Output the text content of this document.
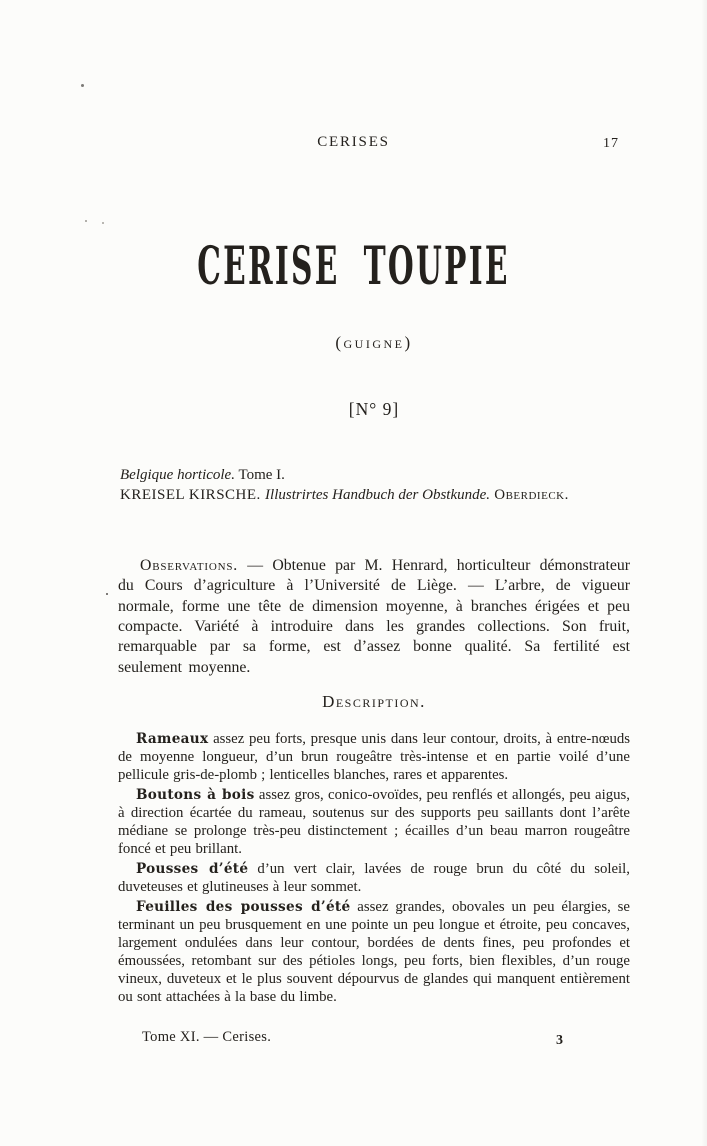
CERISES	17
CERISE TOUPIE
(guigne)
[N° 9]
Belgique horticole. Tome I.
KREISEL KIRSCHE. Illustrirtes Handbuch der Obstkunde. Oberdieck.

Observations. — Obtenue par M. Henrard, horticulteur démonstrateur du Cours d’agriculture à l’Université de Liège. — L’arbre, de vigueur normale, forme une tête de dimension moyenne, à branches érigées et peu compacte. Variété à introduire dans les grandes collections. Son fruit, remarquable par sa forme, est d’assez bonne qualité. Sa fertilité est seulement moyenne.

Description.

Rameaux assez peu forts, presque unis dans leur contour, droits, à entre-nœuds de moyenne longueur, d’un brun rougeâtre très-intense et en partie voilé d’une pellicule gris-de-plomb ; lenticelles blanches, rares et apparentes.

Boutons à bois assez gros, conico-ovoïdes, peu renflés et allongés, peu aigus, à direction écartée du rameau, soutenus sur des supports peu saillants dont l’arête médiane se prolonge très-peu distinctement ; écailles d’un beau marron rougeâtre foncé et peu brillant.

Pousses d’été d’un vert clair, lavées de rouge brun du côté du soleil, duveteuses et glutineuses à leur sommet.

Feuilles des pousses d’été assez grandes, obovales un peu élargies, se terminant un peu brusquement en une pointe un peu longue et étroite, peu concaves, largement ondulées dans leur contour, bordées de dents fines, peu profondes et émoussées, retombant sur des pétioles longs, peu forts, bien flexibles, d’un rouge vineux, duveteux et le plus souvent dépourvus de glandes qui manquent entièrement ou sont attachées à la base du limbe.

Tome XI. — Cerises.	3
